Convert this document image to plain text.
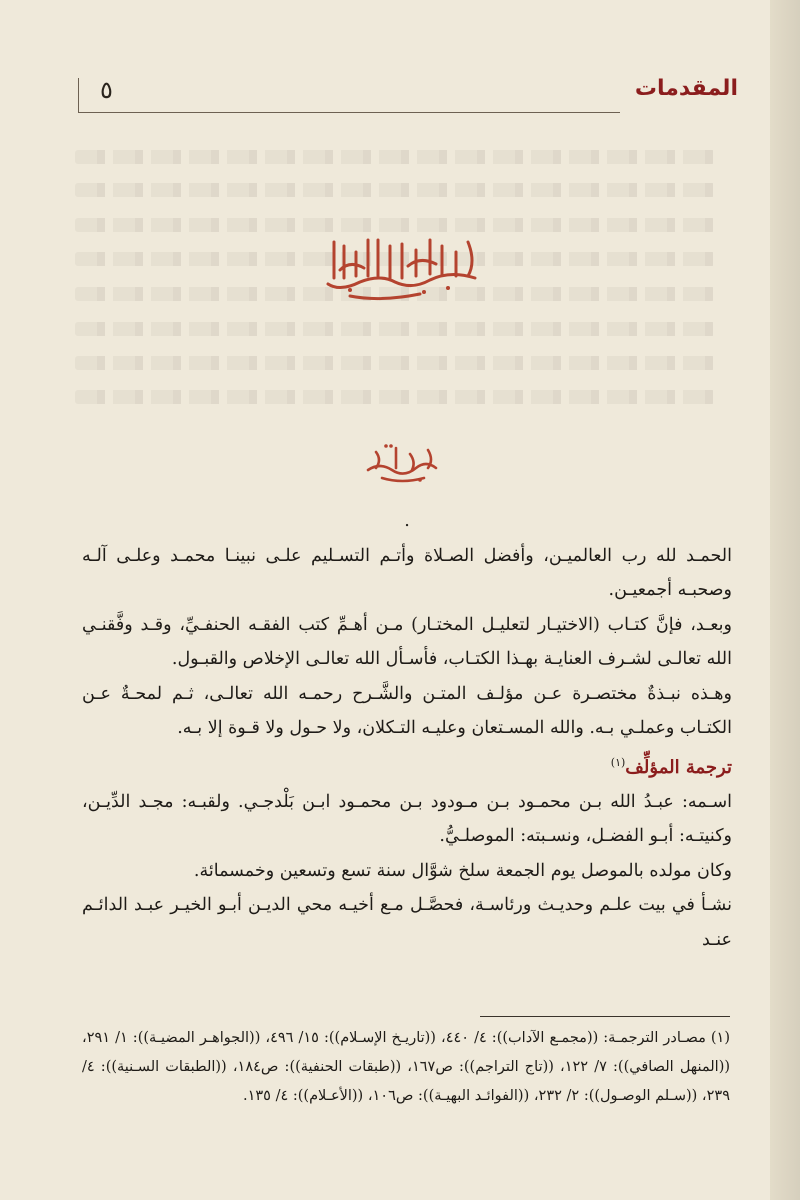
المقدمات
٥

.

الحمـد لله رب العالميـن، وأفضل الصـلاة وأتـم التسـليم علـى نبينـا محمـد وعلـى آلـه وصحبـه أجمعيـن.

وبعـد، فإنَّ كتـاب (الاختيـار لتعليـل المختـار) مـن أهـمِّ كتب الفقـه الحنفـيِّ، وقـد وفَّقنـي الله تعالـى لشـرف العنايـة بهـذا الكتـاب، فأسـأل الله تعالـى الإخلاص والقبـول.

وهـذه نبـذةٌ مختصـرة عـن مؤلـف المتـن والشَّـرح رحمـه الله تعالـى، ثـم لمحـةٌ عـن الكتـاب وعملـي بـه. والله المسـتعان وعليـه التـكلان، ولا حـول ولا قـوة إلا بـه.

ترجمة المؤلِّف$^{(١)}$

اسـمه: عبـدُ الله بـن محمـود بـن مـودود بـن محمـود ابـن بَلْدجـي. ولقبـه: مجـد الدِّيـن، وكنيتـه: أبـو الفضـل، ونسـبته: الموصلـيُّ.

وكان مولده بالموصل يوم الجمعة سلخ شوَّال سنة تسع وتسعين وخمسمائة.

نشـأ في بيت علـم وحديـث ورئاسـة، فحصَّـل مـع أخيـه محي الديـن أبـو الخيـر عبـد الدائـم عنـد

(١) مصـادر الترجمـة: ((مجمـع الآداب)): ٤/ ٤٤٠، ((تاريـخ الإسـلام)): ١٥/ ٤٩٦، ((الجواهـر المضيـة)): ١/ ٢٩١، ((المنهل الصافي)): ٧/ ١٢٢، ((تاج التراجم)): ص١٦٧، ((طبقات الحنفية)): ص١٨٤، ((الطبقات السـنية)): ٤/ ٢٣٩، ((سـلم الوصـول)): ٢/ ٢٣٢، ((الفوائـد البهيـة)): ص١٠٦، ((الأعـلام)): ٤/ ١٣٥.
